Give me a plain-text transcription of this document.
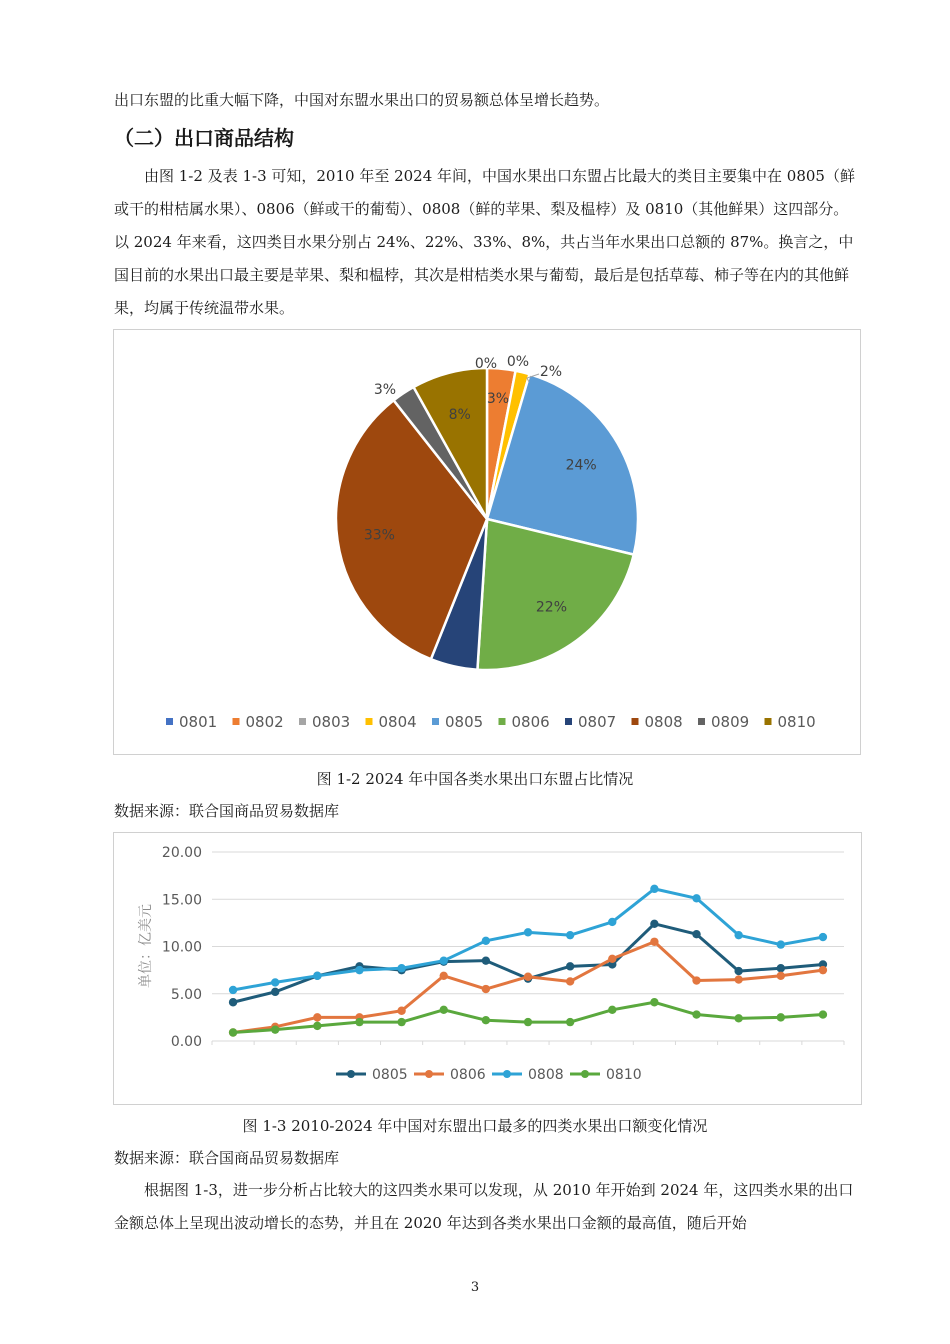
出口东盟的比重大幅下降，中国对东盟水果出口的贸易额总体呈增长趋势。

（二）出口商品结构

由图 1-2 及表 1-3 可知，2010 年至 2024 年间，中国水果出口东盟占比最大的类目主要集中在 0805（鲜或干的柑桔属水果）、0806（鲜或干的葡萄）、0808（鲜的苹果、梨及榅桲）及 0810（其他鲜果）这四部分。以 2024 年来看，这四类目水果分别占 24%、22%、33%、8%，共占当年水果出口总额的 87%。换言之，中国目前的水果出口最主要是苹果、梨和榅桲，其次是柑桔类水果与葡萄，最后是包括草莓、柿子等在内的其他鲜果，均属于传统温带水果。

0%
3%
0%
2%
24%
22%
33%
3%
8%
0801 0802 0803 0804 0805 0806 0807 0808 0809 0810
图 1-2 2024 年中国各类水果出口东盟占比情况
数据来源：联合国商品贸易数据库
0.00
5.00
10.00
15.00
20.00
单位：亿美元
0805	0806	0808	0810
图 1-3 2010-2024 年中国对东盟出口最多的四类水果出口额变化情况
数据来源：联合国商品贸易数据库

根据图 1-3，进一步分析占比较大的这四类水果可以发现，从 2010 年开始到 2024 年，这四类水果的出口金额总体上呈现出波动增长的态势，并且在 2020 年达到各类水果出口金额的最高值，随后开始

3
